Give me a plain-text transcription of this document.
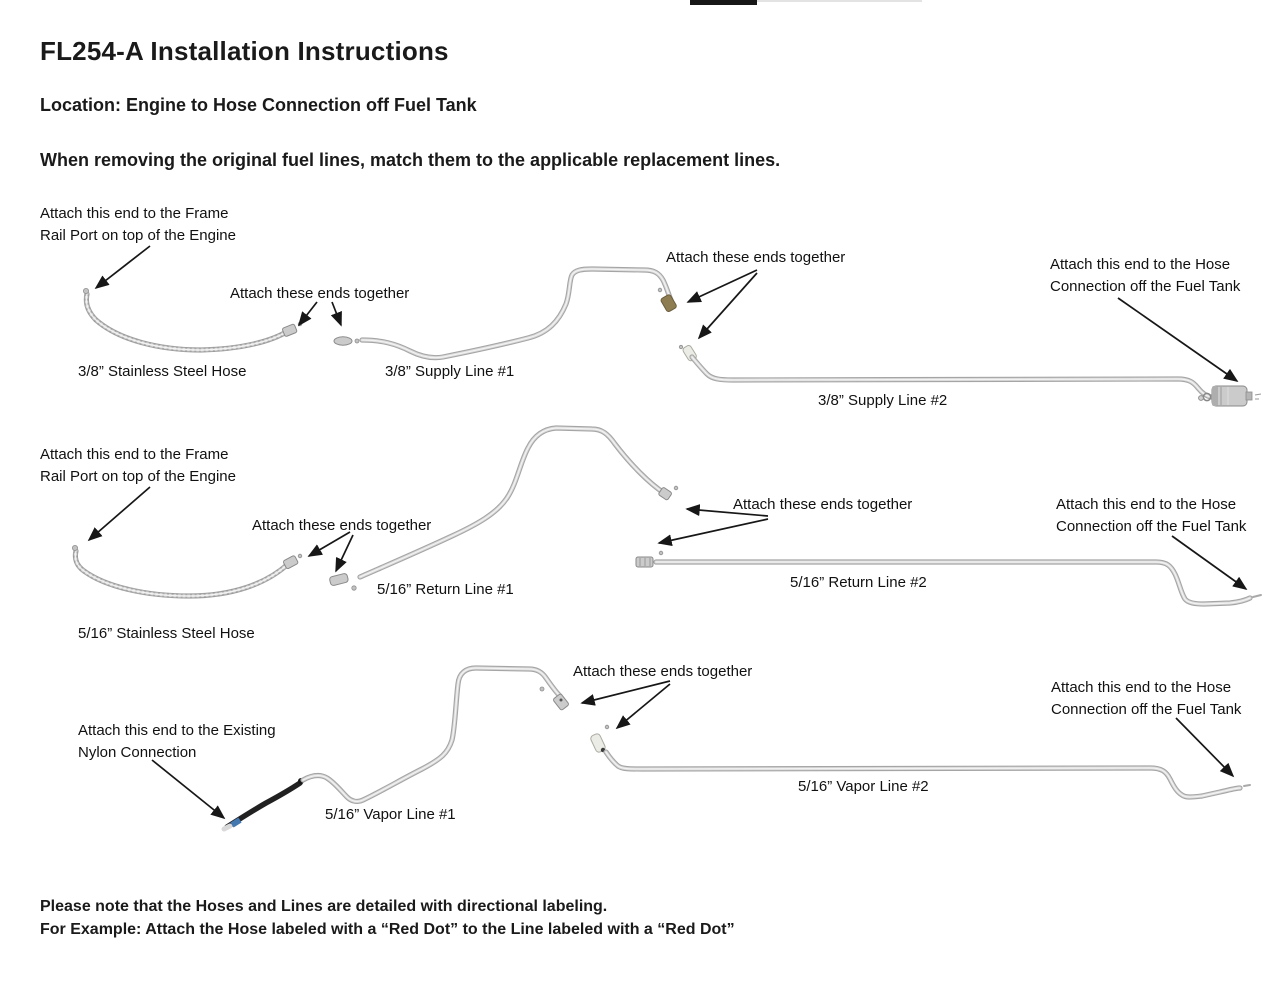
FL254-A Installation Instructions
Location: Engine to Hose Connection off Fuel Tank
When removing the original fuel lines, match them to the applicable replacement lines.
Attach this end to the Frame Rail Port on top of the Engine
Attach these ends together
Attach these ends together	Attach this end to the Hose Connection off the Fuel Tank
3/8” Stainless Steel Hose	3/8” Supply Line #1
3/8” Supply Line #2
Attach this end to the Frame Rail Port on top of the Engine
Attach these ends together
Attach these ends together	Attach this end to the Hose Connection off the Fuel Tank
5/16” Stainless Steel Hose
5/16” Return Line #1	5/16” Return Line #2
Attach these ends together
Attach this end to the Existing Nylon Connection
Attach this end to the Hose Connection off the Fuel Tank
5/16” Vapor Line #1
5/16” Vapor Line #2
Please note that the Hoses and Lines are detailed with directional labeling.
For Example: Attach the Hose labeled with a “Red Dot” to the Line labeled with a “Red Dot”
